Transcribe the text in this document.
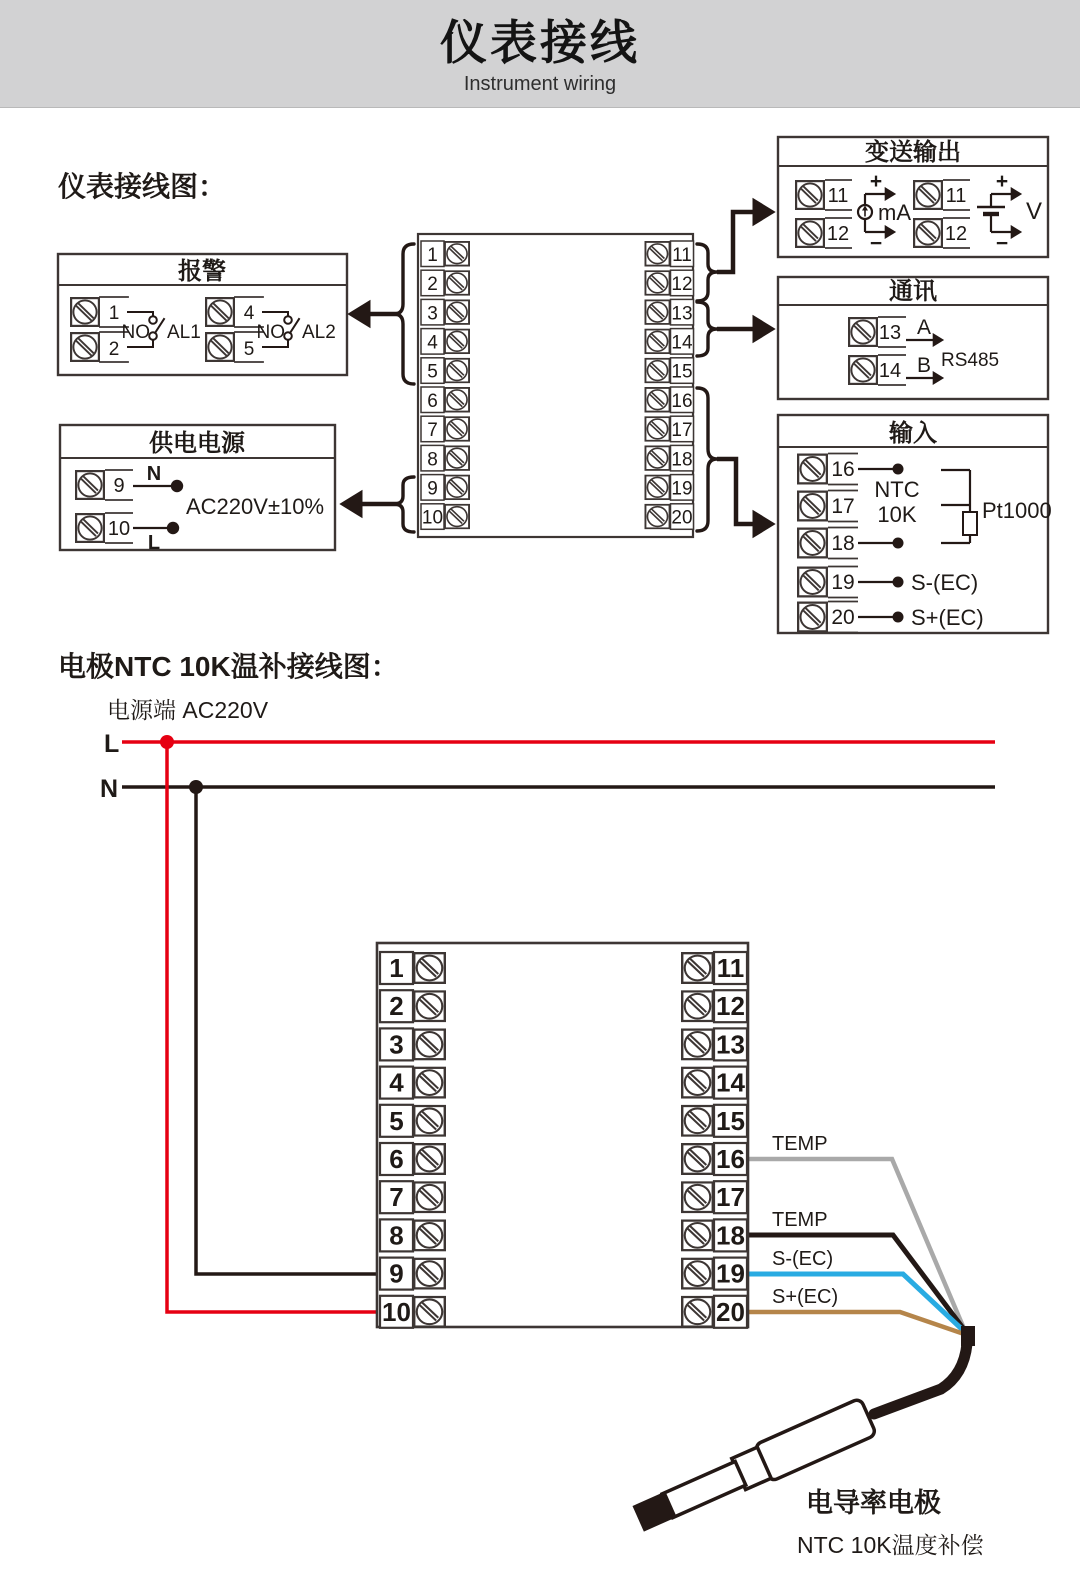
仪表接线
Instrument wiring
仪表接线图：
报警
1
2
4
5
NO AL1	NO AL2
供电电源
9
10
N
L
AC220V±10%
变送输出
11
12
11
12
+
−
mA
+
−
V
通讯
13
14
A
B RS485
输入
16
17
18
19
20
NTC
10K	Pt1000
S-(EC)
S+(EC)
1
2
3
4
5
6
7
8
9
10
11
12
13
14
15
16
17
18
19
20
电极NTC 10K温补接线图：
电源端 AC220V
L
N
TEMP
TEMP
S-(EC)
S+(EC)
1
2
3
4
5
6
7
8
9
10
11
12
13
14
15
16
17
18
19
20
电导率电极
NTC 10K温度补偿
